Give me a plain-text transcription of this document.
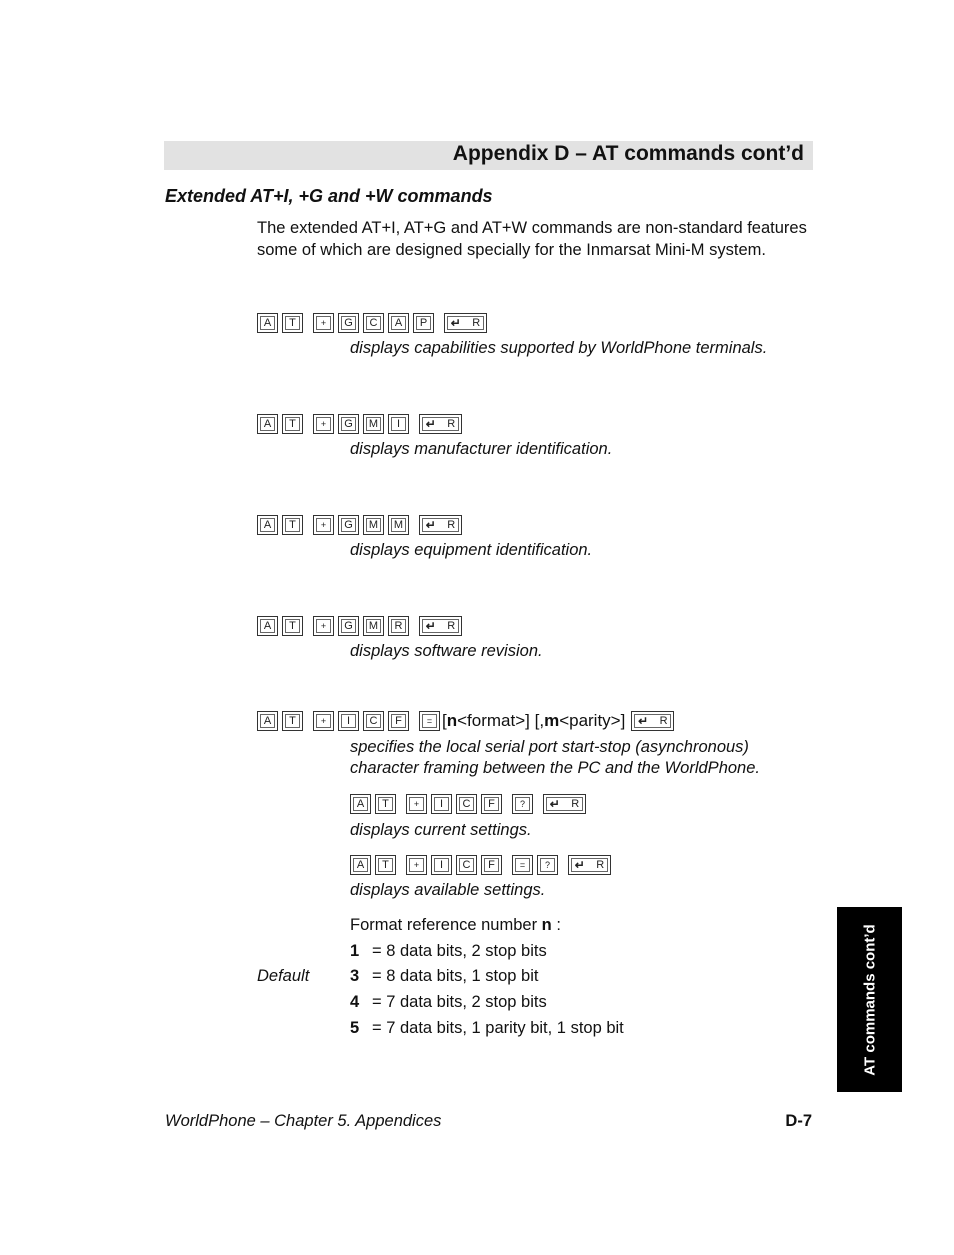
Appendix D – AT commands cont’d
Extended AT+I, +G and +W commands
The extended AT+I, AT+G and AT+W commands are non-standard features some of which are designed specially for the Inmarsat Mini-M system.
A	T	+	G	C	A	P	↵ R
displays capabilities supported by WorldPhone terminals.
A	T	+	G	M	I	↵ R
displays manufacturer identification.
A	T	+	G	M	M	↵ R
displays equipment identification.
A	T	+	G	M	R	↵ R
displays software revision.
A	T	+	I	C	F	= [n<format>] [,m<parity>] ↵ R
specifies the local serial port start-stop (asynchronous)
character framing between the PC and the WorldPhone.
A	T	+	I	C	F	?	↵ R
displays current settings.
A	T	+	I	C	F	=	?	↵ R
displays available settings.
Format reference number n :
1 = 8 data bits, 2 stop bits
Default 3 = 8 data bits, 1 stop bit
4 = 7 data bits, 2 stop bits
5 = 7 data bits, 1 parity bit, 1 stop bit	AT commands cont’d
WorldPhone – Chapter 5. Appendices	D-7
